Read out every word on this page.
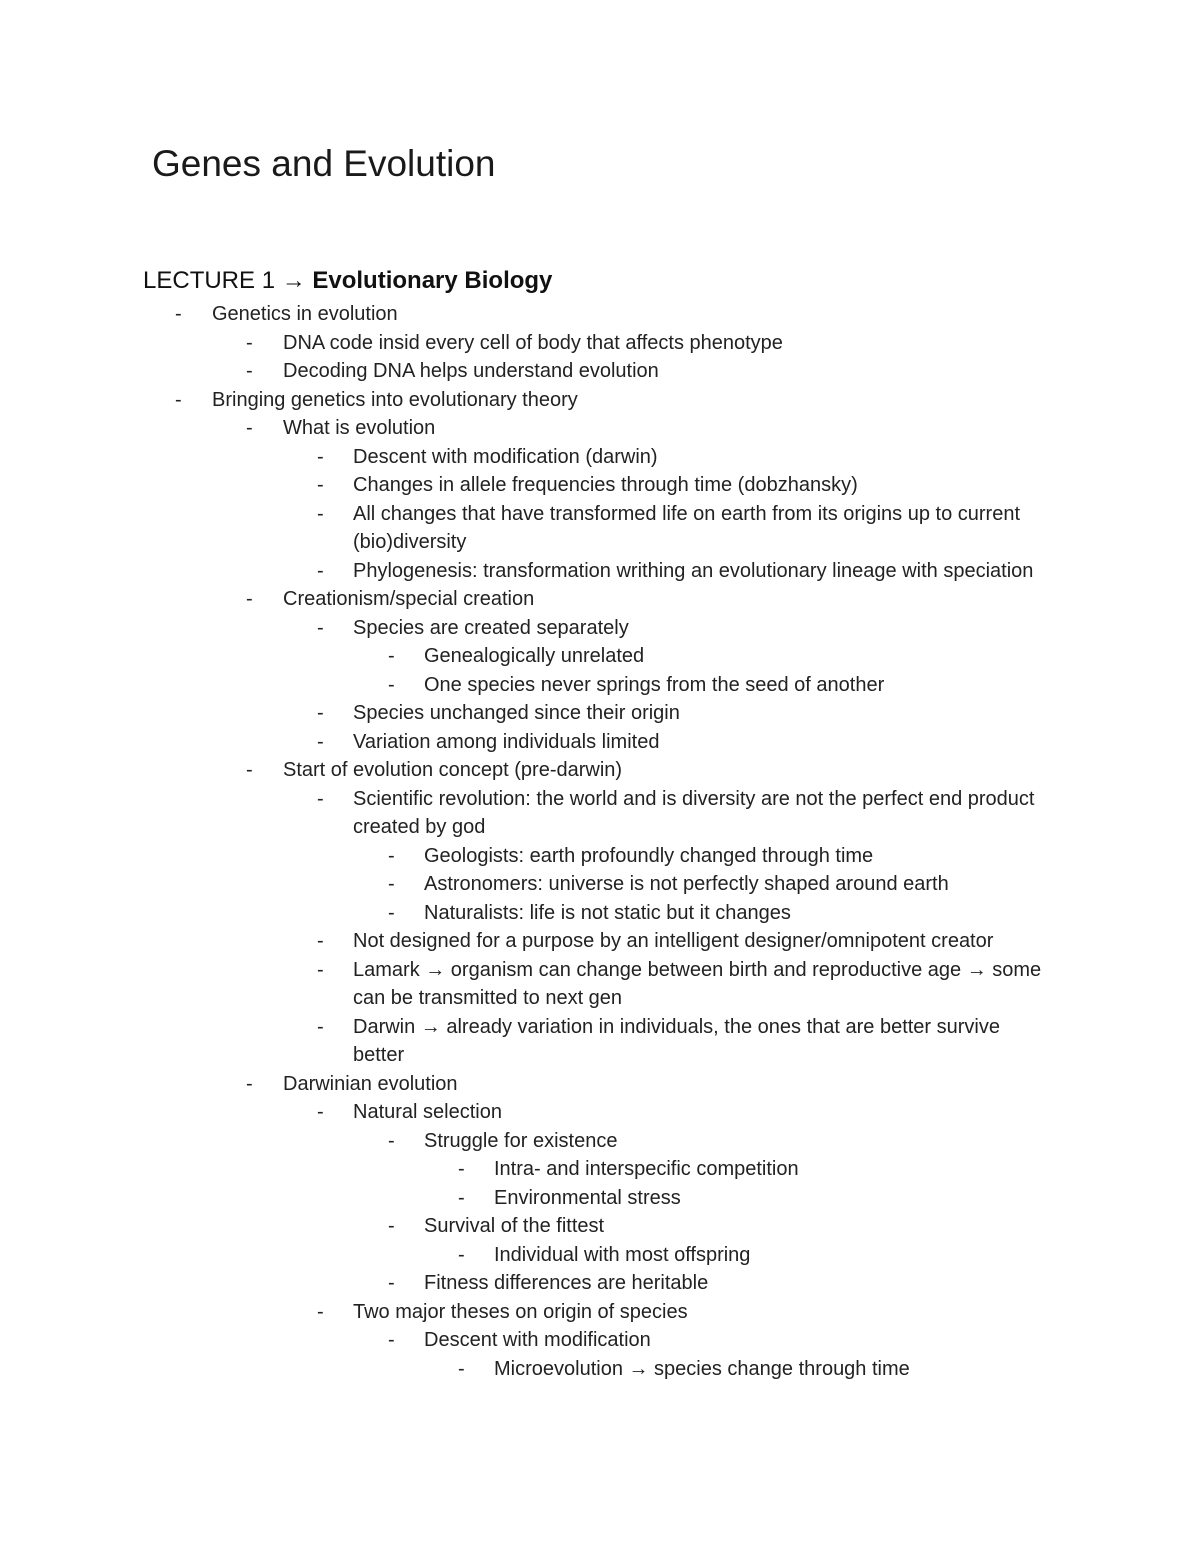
Genes and Evolution
LECTURE 1 → Evolutionary Biology
- Genetics in evolution
- DNA code insid every cell of body that affects phenotype
- Decoding DNA helps understand evolution
- Bringing genetics into evolutionary theory
- What is evolution
- Descent with modification (darwin)
- Changes in allele frequencies through time (dobzhansky)
- All changes that have transformed life on earth from its origins up to current (bio)diversity
- Phylogenesis: transformation writhing an evolutionary lineage with speciation
- Creationism/special creation
- Species are created separately
- Genealogically unrelated
- One species never springs from the seed of another
- Species unchanged since their origin
- Variation among individuals limited
- Start of evolution concept (pre-darwin)
- Scientific revolution: the world and is diversity are not the perfect end product created by god
- Geologists: earth profoundly changed through time
- Astronomers: universe is not perfectly shaped around earth
- Naturalists: life is not static but it changes
- Not designed for a purpose by an intelligent designer/omnipotent creator
- Lamark → organism can change between birth and reproductive age → some can be transmitted to next gen
- Darwin → already variation in individuals, the ones that are better survive better
- Darwinian evolution
- Natural selection
- Struggle for existence
- Intra- and interspecific competition
- Environmental stress
- Survival of the fittest
- Individual with most offspring
- Fitness differences are heritable
- Two major theses on origin of species
- Descent with modification
- Microevolution → species change through time
